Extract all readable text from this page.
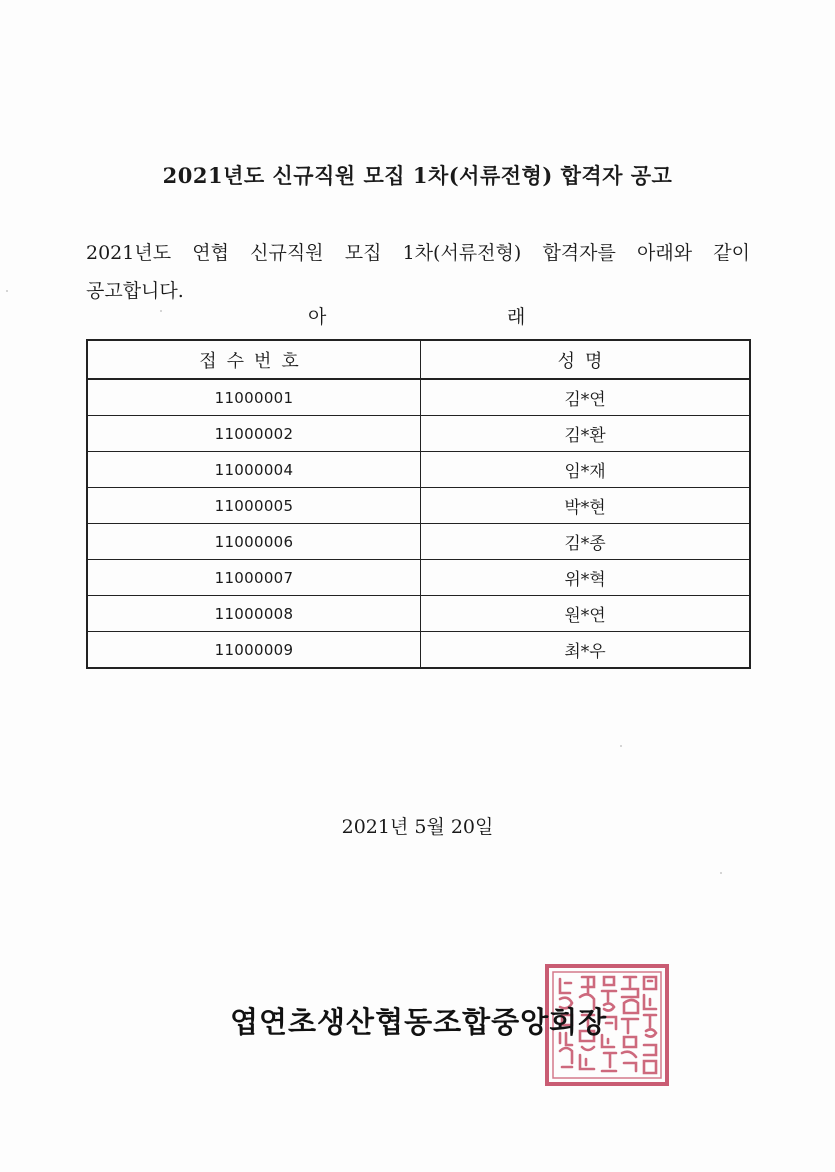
2021년도 신규직원 모집 1차(서류전형) 합격자 공고
2021년도 연협 신규직원 모집 1차(서류전형) 합격자를 아래와 같이
공고합니다.
아	래
접수번호	성명
11000001	김*연
11000002	김*환
11000004	임*재
11000005	박*현
11000006	김*종
11000007	위*혁
11000008	원*연
11000009	최*우
2021년 5월 20일
엽연초생산협동조합중앙회장
